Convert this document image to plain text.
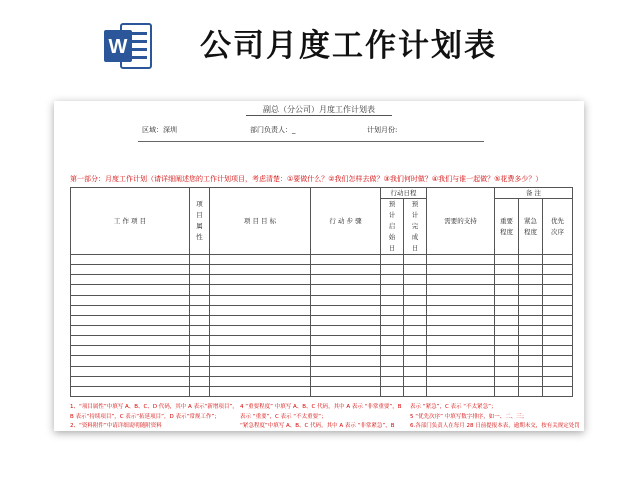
W 公司月度工作计划表
副总（分公司）月度工作计划表
区域：深圳	部门负责人：_	计划月份:
第一部分：月度工作计划（请详细阐述您的工作计划项目，考虑清楚：①要做什么？②我们怎样去做？③我们何时做？④我们与谁一起做？⑤花费多少？）
工 作 项 目	项目属性	项 目 目 标	行 动 步 骤	行动日程		需要的支持	备 注		
				预计启始日	预计完成日		重要程度	紧急程度	优先次序

1、“项目属性”中填写 A、B、C、D 代码，其中 A 表示“新增项目”，
B 表示“持续项目”，C 表示“拓延项目”，D 表示“常规工作”；
2、“资料附件”中请详细说明随附资料
4 “重要程度” 中填写 A、B、C 代码，其中 A 表示 “非常重要”，B
表示 “重要”，C 表示 “不太重要”；
“紧急程度”中填写 A、B、C 代码，其中 A 表示 “非常紧急”，B
表示 “紧急”，C 表示 “不太紧急”；
5 “优先次序” 中填写数字排序，如一、二、三；
6.各部门负责人在每月 28 日前提报本表，逾期未交，按有关规定处罚
